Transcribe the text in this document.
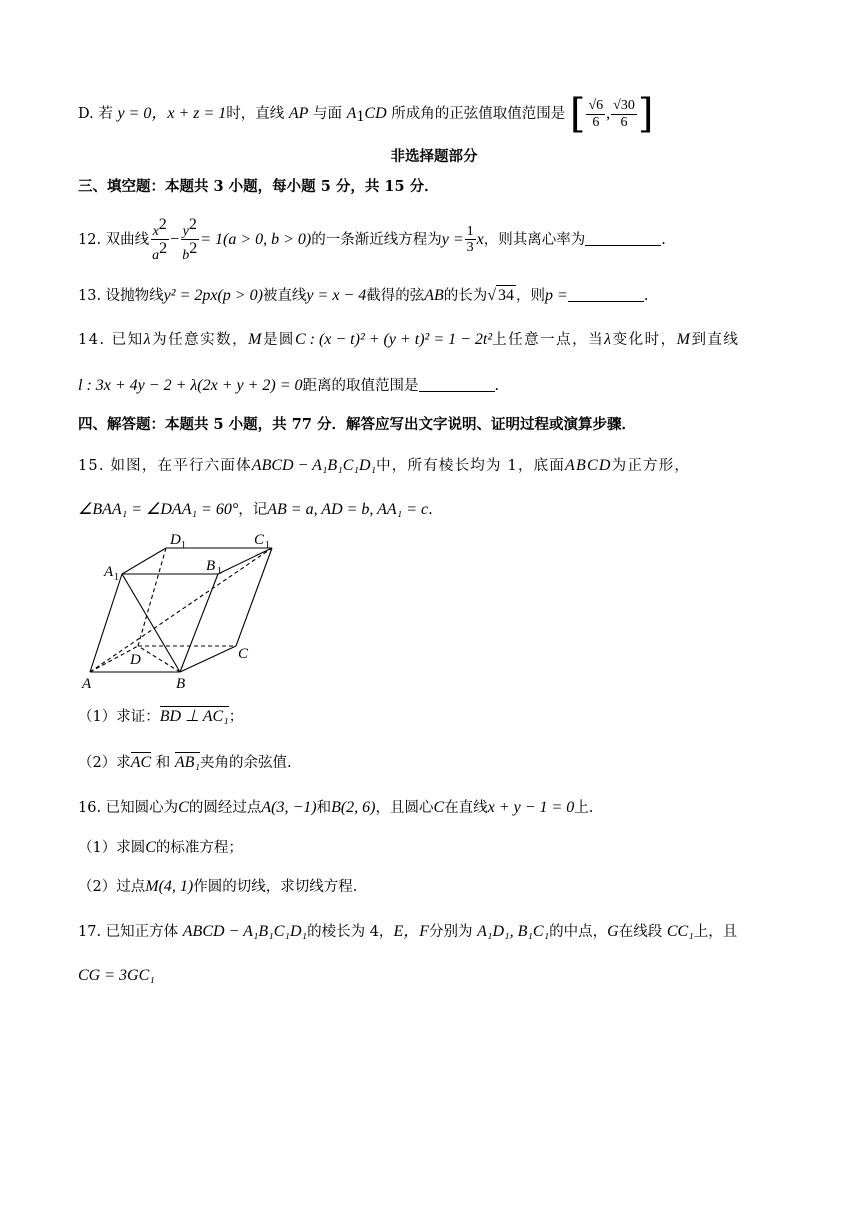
D. 若 y = 0，x + z = 1时，直线 AP 与面 $A_1CD$ 所成角的正弦值取值范围是 [ $\frac{√6}{6}$ , $\frac{√30}{6}$ ]
非选择题部分
三、填空题：本题共 3 小题，每小题 5 分，共 15 分．
12. 双曲线 $\frac{x^2}{a^2} - \frac{y^2}{b^2} = 1(a > 0$, b > 0)的一条渐近线方程为$y = \frac{1}{3}$ x，则其离心率为	.
13. 设抛物线y² = 2px(p > 0)被直线y = x − 4截得的弦AB的长为√ 34 ，则p =	.
14. 已知λ为任意实数，M是圆C : (x − t)² + (y + t)² = 1 − 2t²上任意一点，当λ变化时，M到直线
l : 3x + 4y − 2 + λ(2x + y + 2) = 0距离的取值范围是	.
四、解答题：本题共 5 小题，共 77 分．解答应写出文字说明、证明过程或演算步骤．
15. 如图，在平行六面体ABCD − A₁B₁C₁D₁中，所有棱长均为 1，底面ABCD为正方形，
∠BAA₁ = ∠DAA₁ = 60°，记AB = a, AD = b, AA₁ = c.
D 1	C 1
A 1
B 1
D	C
A	B
（1）求证：BD ⊥ AC₁；
（2）求AC 和 AB₁夹角的余弦值.
16. 已知圆心为C的圆经过点A(3, −1)和B(2, 6)，且圆心C在直线x + y − 1 = 0上.
（1）求圆C的标准方程；
（2）过点M(4, 1)作圆的切线，求切线方程.
17. 已知正方体 ABCD − A₁B₁C₁D₁的棱长为 4，E，F分别为 A₁D₁, B₁C₁的中点，G在线段 CC₁上，且
CG = 3GC₁
